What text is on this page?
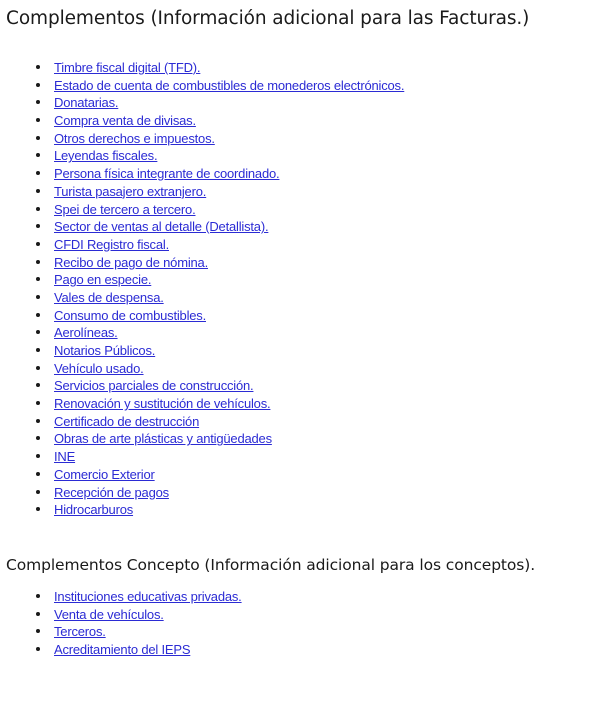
Complementos (Información adicional para las Facturas.)
Timbre fiscal digital (TFD).
Estado de cuenta de combustibles de monederos electrónicos.
Donatarias.
Compra venta de divisas.
Otros derechos e impuestos.
Leyendas fiscales.
Persona física integrante de coordinado.
Turista pasajero extranjero.
Spei de tercero a tercero.
Sector de ventas al detalle (Detallista).
CFDI Registro fiscal.
Recibo de pago de nómina.
Pago en especie.
Vales de despensa.
Consumo de combustibles.
Aerolíneas.
Notarios Públicos.
Vehículo usado.
Servicios parciales de construcción.
Renovación y sustitución de vehículos.
Certificado de destrucción
Obras de arte plásticas y antigüedades
INE
Comercio Exterior
Recepción de pagos
Hidrocarburos
Complementos Concepto (Información adicional para los conceptos).
Instituciones educativas privadas.
Venta de vehículos.
Terceros.
Acreditamiento del IEPS
